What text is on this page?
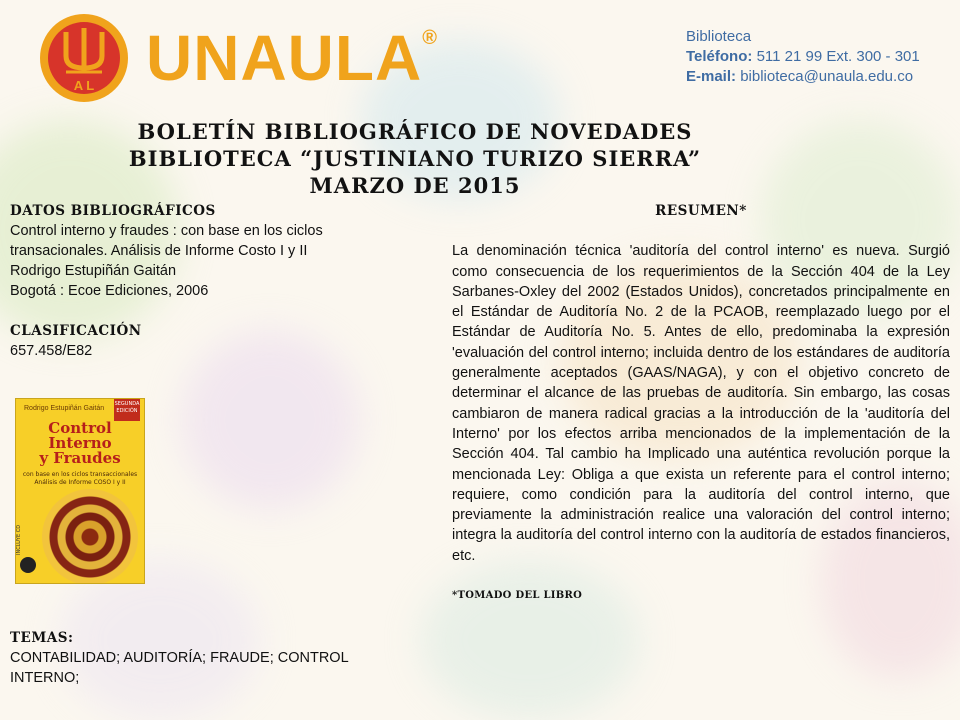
A L UNAULA®	Biblioteca
Teléfono: 511 21 99 Ext. 300 - 301
E-mail: biblioteca@unaula.edu.co
BOLETÍN BIBLIOGRÁFICO DE NOVEDADES
BIBLIOTECA “JUSTINIANO TURIZO SIERRA”
MARZO DE 2015
DATOS BIBLIOGRÁFICOS
Control interno y fraudes : con base en los ciclos
transacionales. Análisis de Informe Costo I y II
Rodrigo Estupiñán Gaitán
Bogotá : Ecoe Ediciones, 2006
CLASIFICACIÓN
657.458/E82
Rodrigo Estupiñán Gaitán
SEGUNDA EDICIÓN
Control Interno
y Fraudes
con base en los ciclos transaccionales
Análisis de Informe COSO I y II
INCLUYE CD
TEMAS:
CONTABILIDAD; AUDITORÍA; FRAUDE; CONTROL
INTERNO;
RESUMEN*
La denominación técnica 'auditoría del control interno' es nueva. Surgió como consecuencia de los requerimientos de la Sección 404 de la Ley Sarbanes-Oxley del 2002 (Estados Unidos), concretados principalmente en el Estándar de Auditoría No. 2 de la PCAOB, reemplazado luego por el Estándar de Auditoría No. 5. Antes de ello, predominaba la expresión 'evaluación del control interno; incluida dentro de los estándares de auditoría generalmente aceptados (GAAS/NAGA), y con el objetivo concreto de determinar el alcance de las pruebas de auditoría. Sin embargo, las cosas cambiaron de manera radical gracias a la introducción de la 'auditoría del Interno' por los efectos arriba mencionados de la implementación de la Sección 404. Tal cambio ha Implicado una auténtica revolución porque la mencionada Ley: Obliga a que exista un referente para el control interno; requiere, como condición para la auditoría del control interno, que previamente la administración realice una valoración del control interno; integra la auditoría del control interno con la auditoría de estados financieros, etc.
*TOMADO DEL LIBRO
